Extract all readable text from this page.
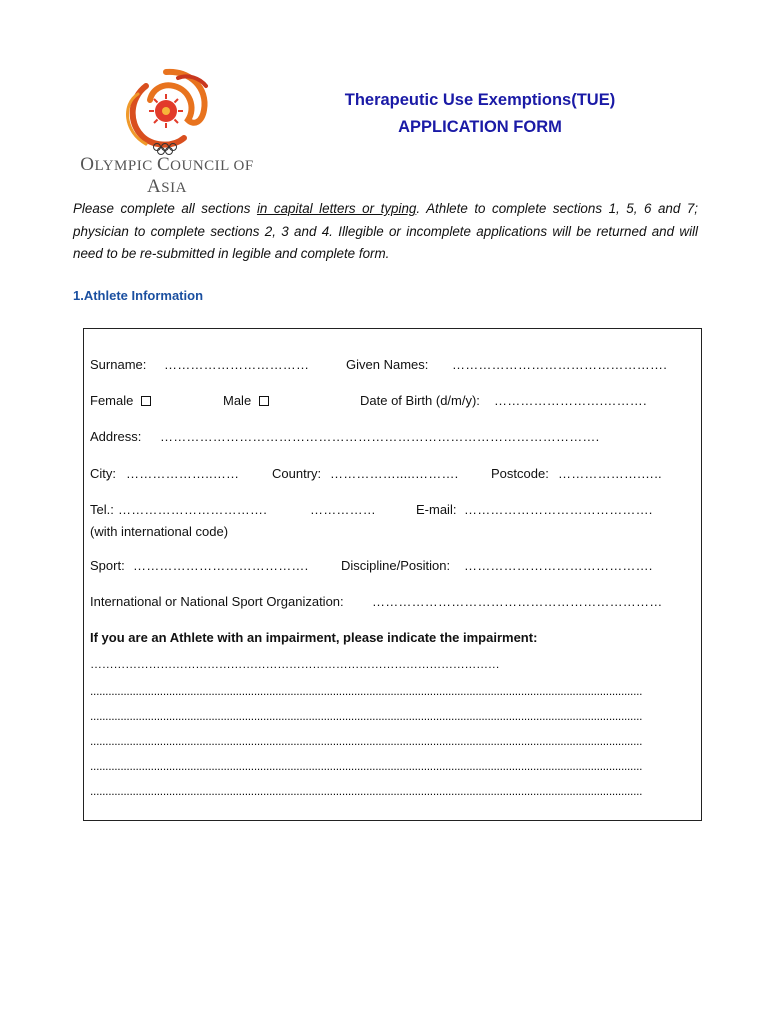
OLYMPIC COUNCIL OF ASIA
Therapeutic Use Exemptions(TUE)
APPLICATION FORM

Please complete all sections in capital letters or typing. Athlete to complete sections 1, 5, 6 and 7; physician to complete sections 2, 3 and 4. Illegible or incomplete applications will be returned and will need to be re-submitted in legible and complete form.

1.Athlete Information
Surname: ……………………………	Given Names: ………………………………………….
Female	Male	Date of Birth (d/m/y): …………………….……….
Address: ……………………………………………………………………………………….
City: ………………..……	Country: …………….....……….	Postcode: ……………….…..
Tel.: …………………………….	……………	E-mail: …………………………………….
(with international code)
Sport: ………………………………….	Discipline/Position: …………………………………….
International or National Sport Organization: …………………………………………………………
If you are an Athlete with an impairment, please indicate the impairment:
……………………………………………………………………………………………
......................................................................................................................................................................................
......................................................................................................................................................................................
......................................................................................................................................................................................
......................................................................................................................................................................................
......................................................................................................................................................................................
